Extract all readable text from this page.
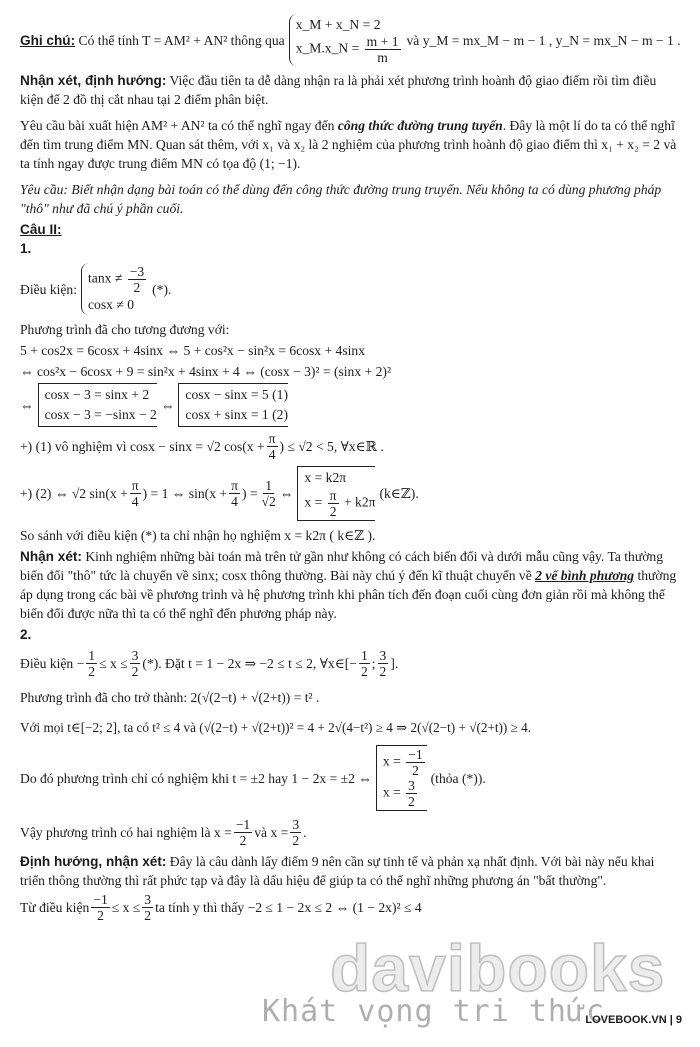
Ghi chú:
Có thể tính T = AM² + AN² thông qua
x_M + x_N = 2
x_M.x_N = $\frac{m + 1}{m}$ và y_M = mx_M − m − 1 , y_N = mx_N − m − 1 .

Nhận xét, định hướng: Việc đầu tiên ta dễ dàng nhận ra là phải xét phương trình hoành độ giao điểm rồi tìm điều kiện để 2 đồ thị cắt nhau tại 2 điểm phân biệt.

Yêu cầu bài xuất hiện AM² + AN² ta có thể nghĩ ngay đến công thức đường trung tuyến. Đây là một lí do ta có thể nghĩ đến tìm trung điểm MN. Quan sát thêm, với x₁ và x₂ là 2 nghiệm của phương trình hoành độ giao điểm thì x₁ + x₂ = 2 và ta tính ngay được trung điểm MN có tọa độ (1; −1).

Yêu cầu: Biết nhận dạng bài toán có thể dùng đến công thức đường trung truyến. Nếu không ta có dùng phương pháp "thô" như đã chú ý phần cuối.

Câu II:
1.
Điều kiện:
$\tan x \ne \frac{-3}{2}$
cosx ≠ 0
(*).

Phương trình đã cho tương đương với:

5 + cos2x = 6cosx + 4sinx ⇔ 5 + cos²x − sin²x = 6cosx + 4sinx

⇔ cos²x − 6cosx + 9 = sin²x + 4sinx + 4 ⇔ (cosx − 3)² = (sinx + 2)²

⇔
cosx − 3 = sinx + 2
cosx − 3 = −sinx − 2
⇔
cosx − sinx = 5 (1)
cosx + sinx = 1 (2)
+) (1) vô nghiệm vì cosx − sinx = √2 $\cos(x + \frac{\pi}{4}$ ) ≤ √2 < 5, ∀x∈ℝ .
+) (2) ⇔ √2 $\sin(x + \frac{\pi}{4}$ ) = 1 ⇔ $\sin(x + \frac{\pi}{4}$ ) = $\frac{1}{√2}$ ⇔
x = k2π
$x = \frac{\pi}{2} + k2\pi$
(k∈ℤ).

So sánh với điều kiện (*) ta chỉ nhận họ nghiệm x = k2π ( k∈ℤ ).

Nhận xét: Kinh nghiệm những bài toán mà trên tử gần như không có cách biến đổi và dưới mẫu cũng vậy. Ta thường biến đổi "thô" tức là chuyển về sinx; cosx thông thường. Bài này chú ý đến kĩ thuật chuyển về 2 vế bình phương thường áp dụng trong các bài về phương trình và hệ phương trình khi phân tích đến đoạn cuối cùng đơn giản rồi mà không thể biến đổi được nữa thì ta có thể nghĩ đến phương pháp này.

2.
Điều kiện − $\frac{1}{2} \le x \le \frac{3}{2}$ (*). Đặt t = 1 − 2x ⇒ −2 ≤ t ≤ 2, ∀x∈[− $\frac{1}{2}$ ; $\frac{3}{2}$ ].

Phương trình đã cho trở thành: 2(√(2−t) + √(2+t)) = t² .

Với mọi t∈[−2; 2], ta có t² ≤ 4 và (√(2−t) + √(2+t))² = 4 + 2√(4−t²) ≥ 4 ⇒ 2(√(2−t) + √(2+t)) ≥ 4.

Do đó phương trình chỉ có nghiệm khi t = ±2 hay 1 − 2x = ±2 ⇔
$x = \frac{-1}{2}$
$x = \frac{3}{2}$ (thỏa (*)).
Vậy phương trình có hai nghiệm là $x = \frac{-1}{2}$ và $x = \frac{3}{2}$ .

Định hướng, nhận xét: Đây là câu dành lấy điểm 9 nên cần sự tinh tế và phản xạ nhất định. Với bài này nếu khai triển thông thường thì rất phức tạp và đây là dấu hiệu để giúp ta có thể nghĩ những phương án "bất thường".

Từ điều kiện $\frac{-1}{2} \le x \le \frac{3}{2}$ ta tính y thì thấy −2 ≤ 1 − 2x ≤ 2 ⇔ (1 − 2x)² ≤ 4
davibooks
Khát vọng tri thức
LOVEBOOK.VN | 9
